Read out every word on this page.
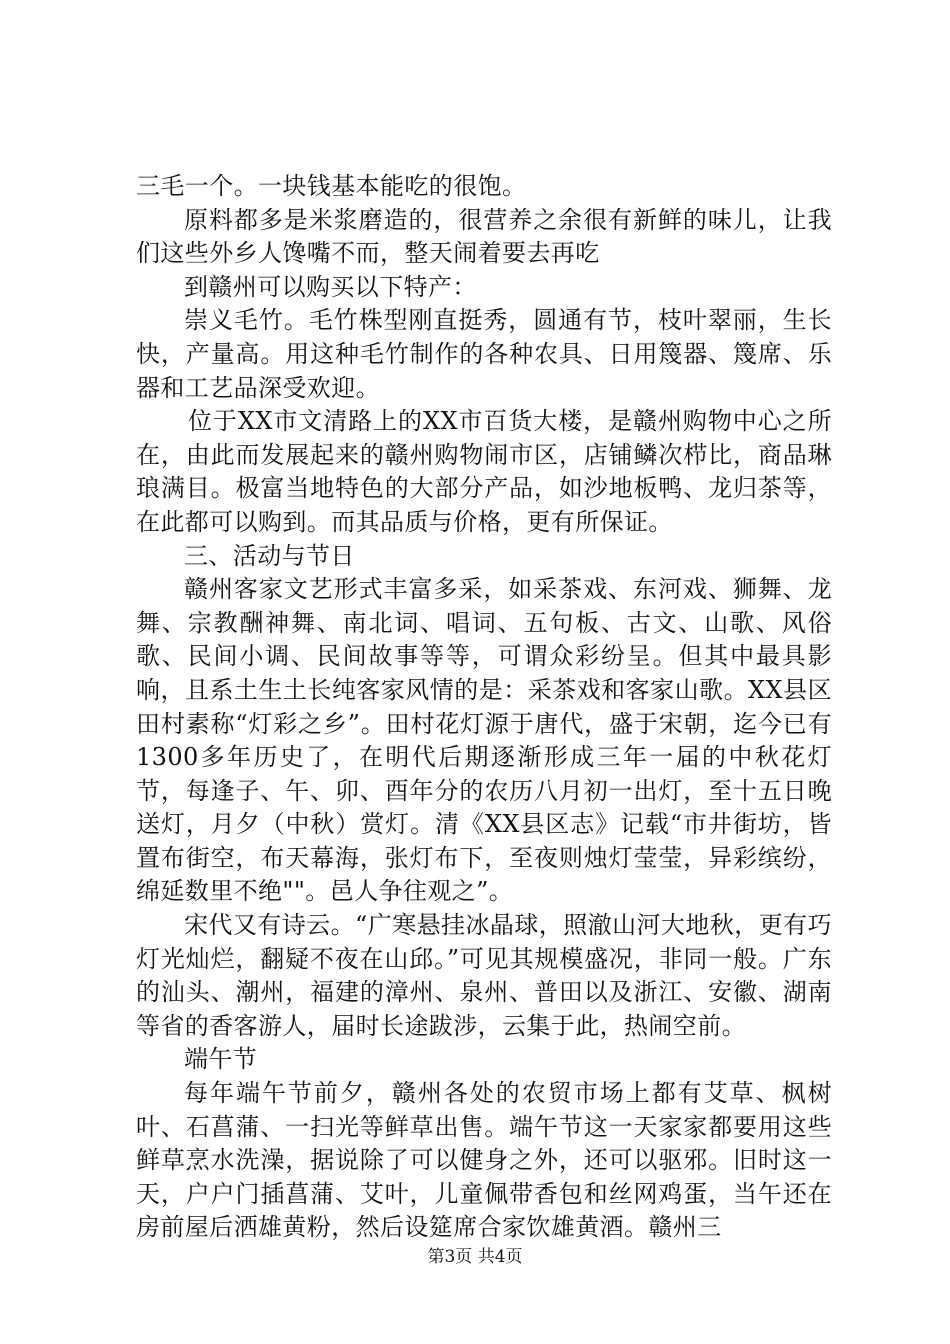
三毛一个。一块钱基本能吃的很饱。

原料都多是米浆磨造的，很营养之余很有新鲜的味儿，让我们这些外乡人馋嘴不而，整天闹着要去再吃

到赣州可以购买以下特产：

崇义毛竹。毛竹株型刚直挺秀，圆通有节，枝叶翠丽，生长快，产量高。用这种毛竹制作的各种农具、日用篾器、篾席、乐器和工艺品深受欢迎。

位于XX市文清路上的XX市百货大楼，是赣州购物中心之所在，由此而发展起来的赣州购物闹市区，店铺鳞次栉比，商品琳琅满目。极富当地特色的大部分产品，如沙地板鸭、龙归茶等，在此都可以购到。而其品质与价格，更有所保证。

三、活动与节日

赣州客家文艺形式丰富多采，如采茶戏、东河戏、狮舞、龙舞、宗教酬神舞、南北词、唱词、五句板、古文、山歌、风俗歌、民间小调、民间故事等等，可谓众彩纷呈。但其中最具影响，且系土生土长纯客家风情的是：采茶戏和客家山歌。XX县区田村素称“灯彩之乡”。田村花灯源于唐代，盛于宋朝，迄今已有1300多年历史了，在明代后期逐渐形成三年一届的中秋花灯节，每逢子、午、卯、酉年分的农历八月初一出灯，至十五日晚送灯，月夕（中秋）赏灯。清《XX县区志》记载“市井街坊，皆置布街空，布天幕海，张灯布下，至夜则烛灯莹莹，异彩缤纷，绵延数里不绝""。邑人争往观之”。

宋代又有诗云。“广寒悬挂冰晶球，照澈山河大地秋，更有巧灯光灿烂，翻疑不夜在山邱。”可见其规模盛况，非同一般。广东的汕头、潮州，福建的漳州、泉州、普田以及浙江、安徽、湖南等省的香客游人，届时长途跋涉，云集于此，热闹空前。

端午节

每年端午节前夕，赣州各处的农贸市场上都有艾草、枫树叶、石菖蒲、一扫光等鲜草出售。端午节这一天家家都要用这些鲜草烹水洗澡，据说除了可以健身之外，还可以驱邪。旧时这一天，户户门插菖蒲、艾叶，儿童佩带香包和丝网鸡蛋，当午还在房前屋后洒雄黄粉，然后设筵席合家饮雄黄酒。赣州三

第3页 共4页
